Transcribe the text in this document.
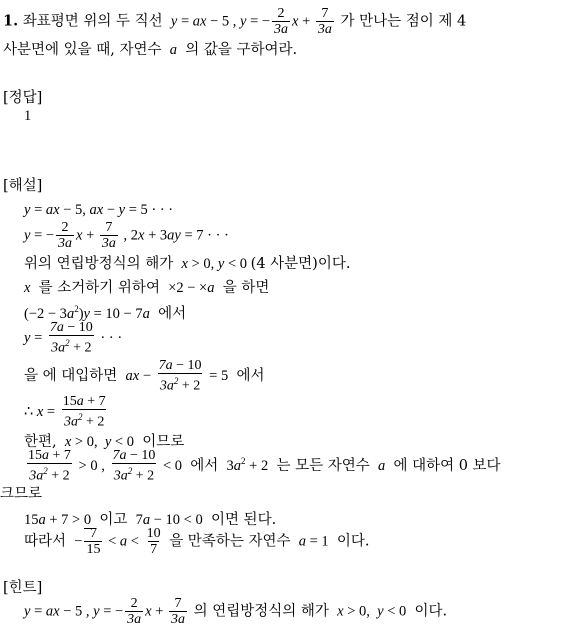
1. 좌표평면 위의 두 직선  y = ax − 5 , y = − $\frac{2}{3a}$ $x + \frac{7}{3a}$ 가 만나는 점이 제 4
사분면에 있을 때, 자연수  a  의 값을 구하여라.
[정답]
1
[해설]
y = ax − 5, ax − y = 5 · · ·
y = − $\frac{2}{3a}$ $x + \frac{7}{3a}$ , 2x + 3ay = 7 · · ·
위의 연립방정식의 해가  x > 0, y < 0 (4 사분면)이다.
x  를 소거하기 위하여  ×2 − ×a  을 하면
$(-2 - 3a^2)y = 10 - 7a$  에서
$y = \frac{7a - 10}{3a^2 + 2}$ · · ·
을 에 대입하면  ax − $\frac{7a - 10}{3a^2 + 2} = 5$  에서
∴ $x = \frac{15a + 7}{3a^2 + 2}$
한편,  x > 0,  y < 0  이므로
$\frac{15a + 7}{3a^2 + 2} > 0$ , $\frac{7a - 10}{3a^2 + 2} < 0$  에서  $3a^2 + 2$  는 모든 자연수  a  에 대하여 0 보다
크므로
15a + 7 > 0 이고  7a − 10 < 0  이면 된다.
따라서  − $\frac{7}{15} < a < \frac{10}{7}$ 을 만족하는 자연수  a = 1  이다.
[힌트]
y = ax − 5 , y = − $\frac{2}{3a}$ $x + \frac{7}{3a}$ 의 연립방정식의 해가  x > 0,  y < 0  이다.
